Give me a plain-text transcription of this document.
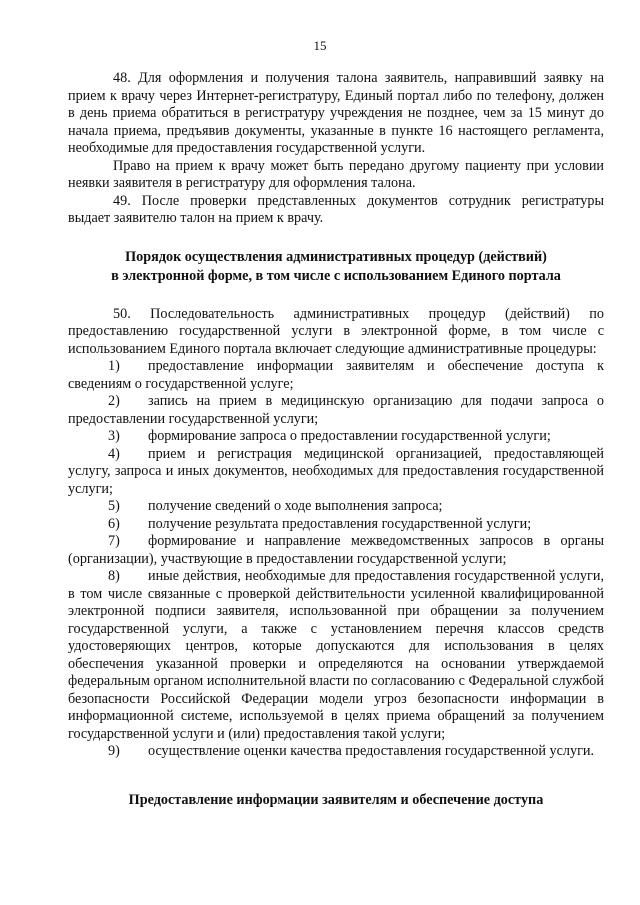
15

48. Для оформления и получения талона заявитель, направивший заявку на прием к врачу через Интернет-регистратуру, Единый портал либо по телефону, должен в день приема обратиться в регистратуру учреждения не позднее, чем за 15 минут до начала приема, предъявив документы, указанные в пункте 16 настоящего регламента, необходимые для предоставления государственной услуги.

Право на прием к врачу может быть передано другому пациенту при условии неявки заявителя в регистратуру для оформления талона.

49. После проверки представленных документов сотрудник регистратуры выдает заявителю талон на прием к врачу.

Порядок осуществления административных процедур (действий)
в электронной форме, в том числе с использованием Единого портала

50. Последовательность административных процедур (действий) по предоставлению государственной услуги в электронной форме, в том числе с использованием Единого портала включает следующие административные процедуры:

1) предоставление информации заявителям и обеспечение доступа к сведениям о государственной услуге;

2) запись на прием в медицинскую организацию для подачи запроса о предоставлении государственной услуги;

3) формирование запроса о предоставлении государственной услуги;

4) прием и регистрация медицинской организацией, предоставляющей услугу, запроса и иных документов, необходимых для предоставления государственной услуги;

5) получение сведений о ходе выполнения запроса;

6) получение результата предоставления государственной услуги;

7) формирование и направление межведомственных запросов в органы (организации), участвующие в предоставлении государственной услуги;

8) иные действия, необходимые для предоставления государственной услуги, в том числе связанные с проверкой действительности усиленной квалифицированной электронной подписи заявителя, использованной при обращении за получением государственной услуги, а также с установлением перечня классов средств удостоверяющих центров, которые допускаются для использования в целях обеспечения указанной проверки и определяются на основании утверждаемой федеральным органом исполнительной власти по согласованию с Федеральной службой безопасности Российской Федерации модели угроз безопасности информации в информационной системе, используемой в целях приема обращений за получением государственной услуги и (или) предоставления такой услуги;

9) осуществление оценки качества предоставления государственной услуги.

Предоставление информации заявителям и обеспечение доступа
